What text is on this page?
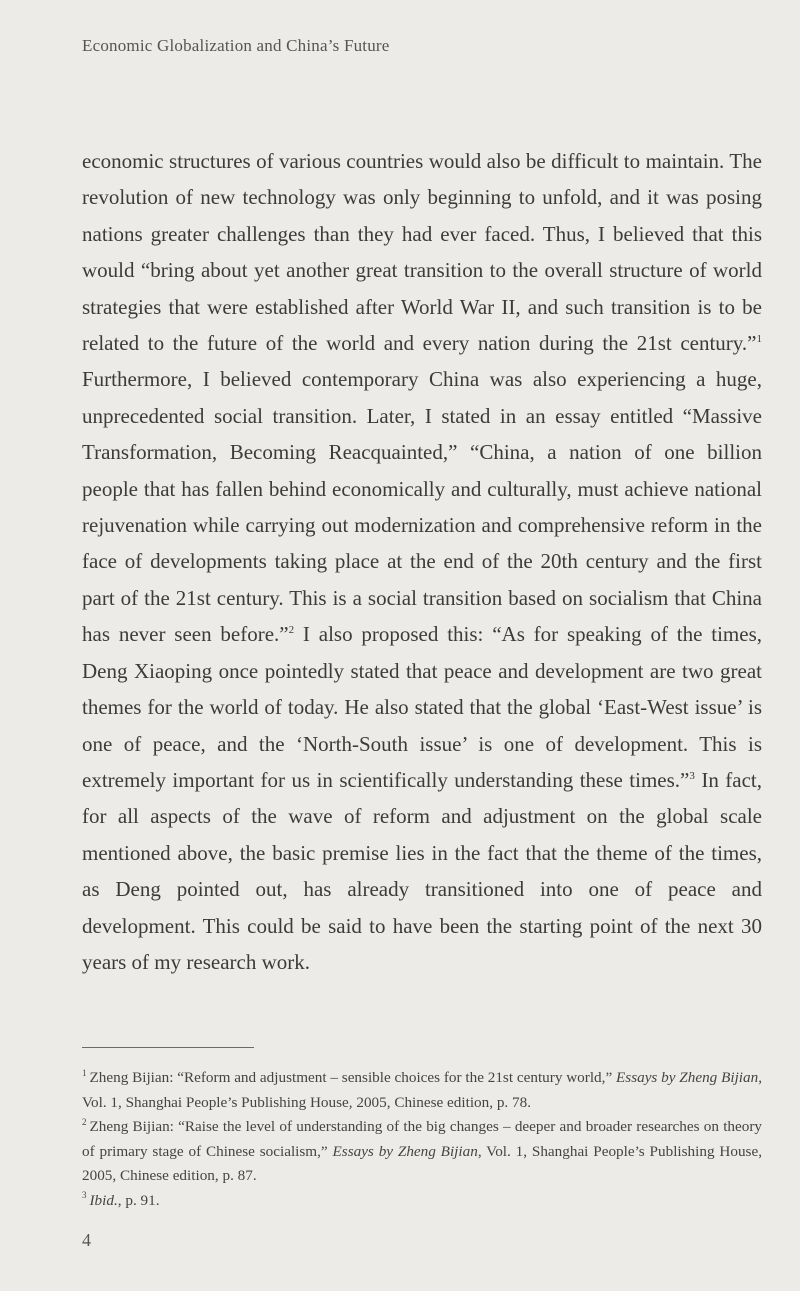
Economic Globalization and China’s Future
economic structures of various countries would also be difficult to maintain. The revolution of new technology was only beginning to unfold, and it was posing nations greater challenges than they had ever faced. Thus, I believed that this would “bring about yet another great transition to the overall structure of world strategies that were established after World War II, and such transition is to be related to the future of the world and every nation during the 21st century.”$^1$ Furthermore, I believed contemporary China was also experiencing a huge, unprecedented social transition. Later, I stated in an essay entitled “Massive Transformation, Becoming Reacquainted,” “China, a nation of one billion people that has fallen behind economically and culturally, must achieve national rejuvenation while carrying out modernization and comprehensive reform in the face of developments taking place at the end of the 20th century and the first part of the 21st century. This is a social transition based on socialism that China has never seen before.”$^2$ I also proposed this: “As for speaking of the times, Deng Xiaoping once pointedly stated that peace and development are two great themes for the world of today. He also stated that the global ‘East-West issue’ is one of peace, and the ‘North-South issue’ is one of development. This is extremely important for us in scientifically understanding these times.”$^3$ In fact, for all aspects of the wave of reform and adjustment on the global scale mentioned above, the basic premise lies in the fact that the theme of the times, as Deng pointed out, has already transitioned into one of peace and development. This could be said to have been the starting point of the next 30 years of my research work.

$^1$ Zheng Bijian: “Reform and adjustment – sensible choices for the 21st century world,” Essays by Zheng Bijian, Vol. 1, Shanghai People’s Publishing House, 2005, Chinese edition, p. 78.

$^2$ Zheng Bijian: “Raise the level of understanding of the big changes – deeper and broader researches on theory of primary stage of Chinese socialism,” Essays by Zheng Bijian, Vol. 1, Shanghai People’s Publishing House, 2005, Chinese edition, p. 87.

$^3$ Ibid., p. 91.

4
